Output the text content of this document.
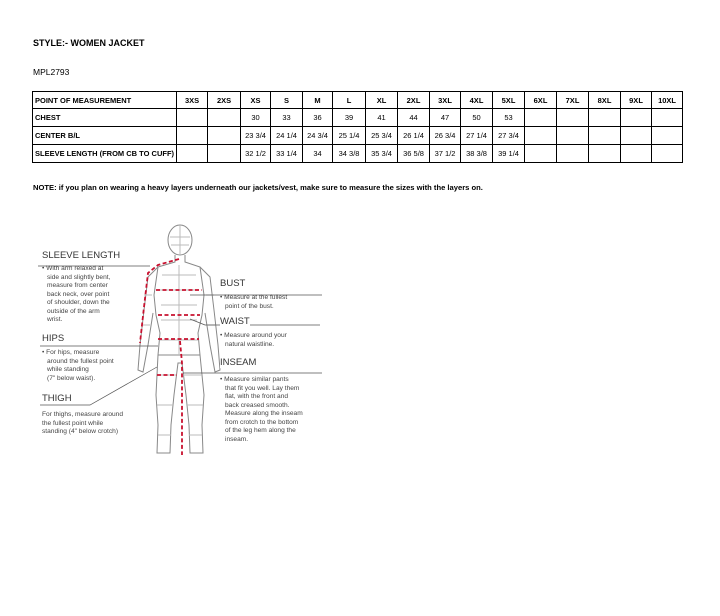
STYLE:- WOMEN JACKET
MPL2793
POINT OF MEASUREMENT	3XS	2XS	XS	S	M	L	XL	2XL	3XL	4XL	5XL	6XL	7XL	8XL	9XL	10XL
CHEST			30	33	36	39	41	44	47	50	53					
CENTER B/L			23 3/4	24 1/4	24 3/4	25 1/4	25 3/4	26 1/4	26 3/4	27 1/4	27 3/4					
SLEEVE LENGTH (FROM CB TO CUFF)			32 1/2	33 1/4	34	34 3/8	35 3/4	36 5/8	37 1/2	38 3/8	39 1/4					
NOTE: if you plan on wearing a heavy layers underneath our jackets/vest, make sure to measure the sizes with the layers on.
SLEEVE LENGTH
• With arm relaxed at
side and slightly bent,
measure from center
back neck, over point
of shoulder, down the
outside of the arm
wrist.
HIPS
• For hips, measure
around the fullest point
while standing
(7" below waist).
THIGH
For thighs, measure around
the fullest point while
standing (4" below crotch)
BUST
• Measure at the fullest
point of the bust.
WAIST
• Measure around your
natural waistline.
INSEAM
• Measure similar pants
that fit you well. Lay them
flat, with the front and
back creased smooth.
Measure along the inseam
from crotch to the bottom
of the leg hem along the
inseam.
